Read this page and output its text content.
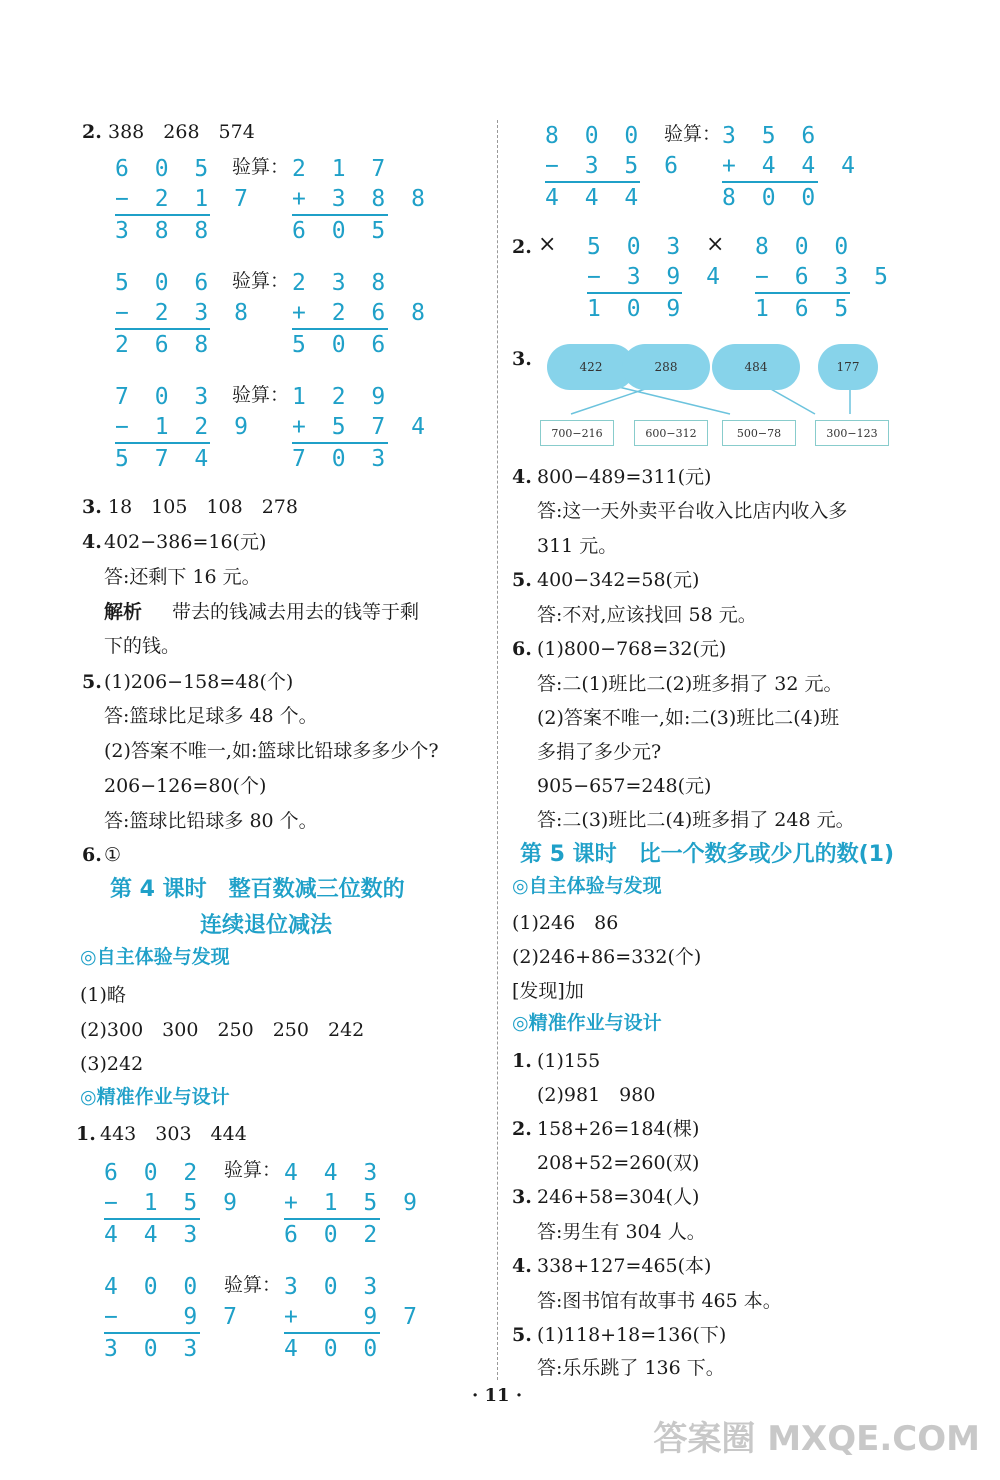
2. 388　268　574
6 0 5
− 2 1 7
3 8 8
验算： 2 1 7
+ 3 8 8
6 0 5
5 0 6
− 2 3 8
2 6 8
验算： 2 3 8
+ 2 6 8
5 0 6
7 0 3
− 1 2 9
5 7 4
验算： 1 2 9
+ 5 7 4
7 0 3
3. 18　105　108　278
4. 402−386=16(元)
答:还剩下 16 元。
解析 带去的钱减去用去的钱等于剩
下的钱。
5. (1)206−158=48(个)
答:篮球比足球多 48 个。
(2)答案不唯一,如:篮球比铅球多多少个?
206−126=80(个)
答:篮球比铅球多 80 个。
6. ①
第 4 课时　整百数减三位数的
连续退位减法
◎自主体验与发现
(1)略
(2)300　300　250　250　242
(3)242
◎精准作业与设计
1. 443　303　444
6 0 2
− 1 5 9
4 4 3
验算： 4 4 3
+ 1 5 9
6 0 2
4 0 0
−   9 7
3 0 3
验算： 3 0 3
+   9 7
4 0 0
8 0 0
− 3 5 6
4 4 4
验算： 3 5 6
+ 4 4 4
8 0 0
2. × 5 0 3
− 3 9 4
1 0 9
× 8 0 0
− 6 3 5
1 6 5
3.	422	288	484	177
700−216	600−312	500−78	300−123
4. 800−489=311(元)
答:这一天外卖平台收入比店内收入多
311 元。
5. 400−342=58(元)
答:不对,应该找回 58 元。
6. (1)800−768=32(元)
答:二(1)班比二(2)班多捐了 32 元。
(2)答案不唯一,如:二(3)班比二(4)班
多捐了多少元?
905−657=248(元)
答:二(3)班比二(4)班多捐了 248 元。
第 5 课时　比一个数多或少几的数(1)
◎自主体验与发现
(1)246　86
(2)246+86=332(个)
[发现]加
◎精准作业与设计
1. (1)155
(2)981　980
2. 158+26=184(棵)
208+52=260(双)
3. 246+58=304(人)
答:男生有 304 人。
4. 338+127=465(本)
答:图书馆有故事书 465 本。
5. (1)118+18=136(下)
答:乐乐跳了 136 下。
· 11 ·
答案圈 MXQE.COM
